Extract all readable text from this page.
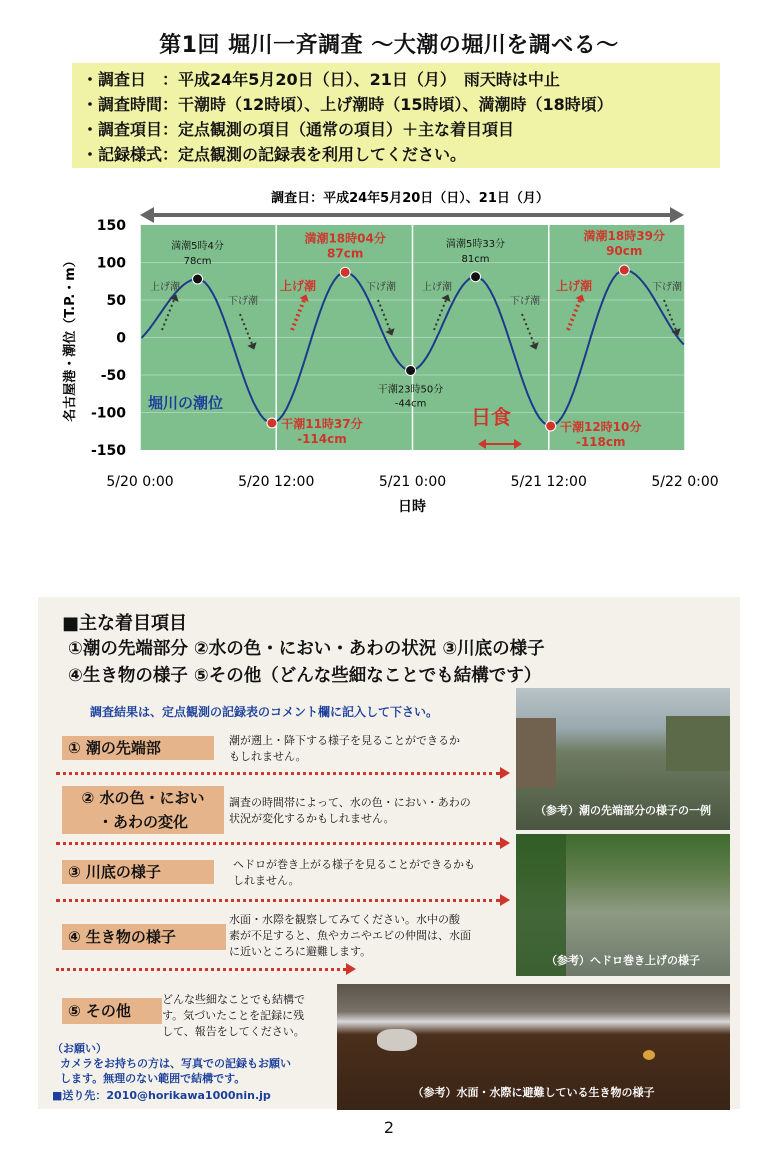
第1回 堀川一斉調査 〜大潮の堀川を調べる〜
・調査日　：平成24年5月20日（日）、21日（月）　雨天時は中止
・調査時間：干潮時（12時頃）、上げ潮時（15時頃）、満潮時（18時頃）
・調査項目：定点観測の項目（通常の項目）＋主な着目項目
・記録様式：定点観測の記録表を利用してください。
調査日：平成24年5月20日（日）、21日（月）
150
100
50
0
-50
-100
-150
5/20 0:00	5/20 12:00	5/21 0:00	5/21 12:00	5/22 0:00
満潮5時4分
78cm
干潮11時37分
-114cm
満潮18時04分
87cm
干潮23時50分
-44cm
満潮5時33分
81cm
干潮12時10分
-118cm
満潮18時39分
90cm
上げ潮
下げ潮
上げ潮	下げ潮	上げ潮
下げ潮
上げ潮	下げ潮
堀川の潮位
日食
名古屋港・潮位（T.P.・m）
日時
■主な着目項目
①潮の先端部分 ②水の色・におい・あわの状況 ③川底の様子
④生き物の様子 ⑤その他（どんな些細なことでも結構です）
調査結果は、定点観測の記録表のコメント欄に記入して下さい。
① 潮の先端部	潮が遡上・降下する様子を見ることができるか
もしれません。
② 水の色・におい
・あわの変化
調査の時間帯によって、水の色・におい・あわの
状況が変化するかもしれません。
③ 川底の様子	ヘドロが巻き上がる様子を見ることができるかも
しれません。
④ 生き物の様子
水面・水際を観察してみてください。水中の酸
素が不足すると、魚やカニやエビの仲間は、水面
に近いところに避難します。
⑤ その他
どんな些細なことでも結構で
す。気づいたことを記録に残
して、報告をしてください。
（参考）潮の先端部分の様子の一例
（参考）ヘドロ巻き上げの様子
（参考）水面・水際に避難している生き物の様子
（お願い）
カメラをお持ちの方は、写真での記録もお願い
します。無理のない範囲で結構です。
■送り先：2010@horikawa1000nin.jp
2
